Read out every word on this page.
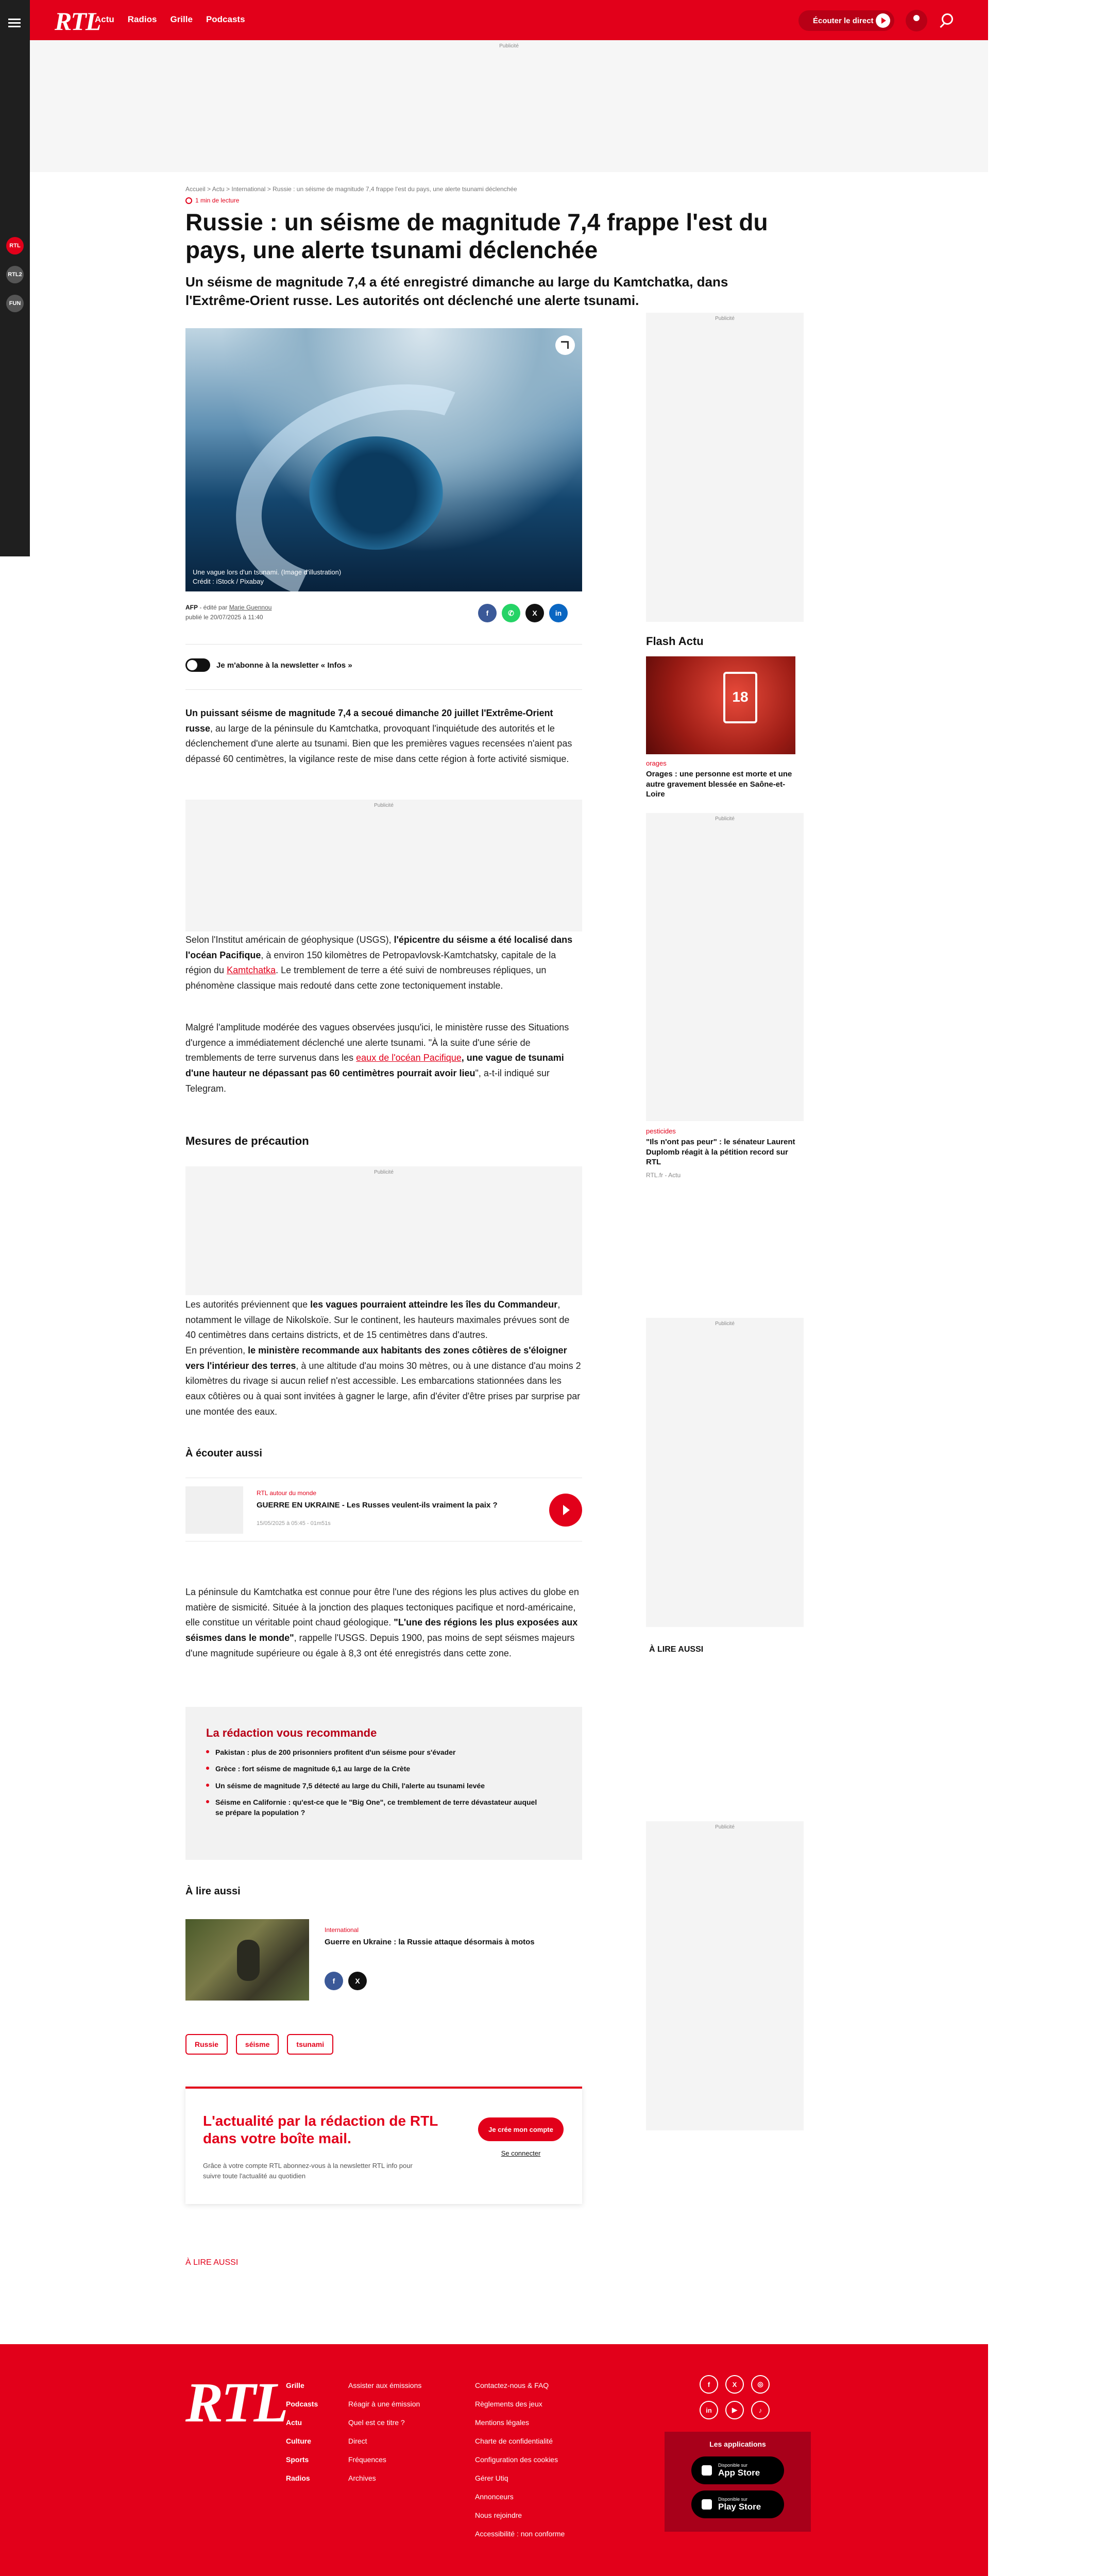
RTL
RTL2
FUN
RTL
Actu Radios Grille Podcasts	Écouter le direct
Publicité
Accueil > Actu > International > Russie : un séisme de magnitude 7,4 frappe l'est du pays, une alerte tsunami déclenchée
1 min de lecture
Russie : un séisme de magnitude 7,4 frappe l'est du pays, une alerte tsunami déclenchée

Un séisme de magnitude 7,4 a été enregistré dimanche au large du Kamtchatka, dans l'Extrême-Orient russe. Les autorités ont déclenché une alerte tsunami.

Une vague lors d'un tsunami. (Image d'illustration)
Crédit : iStock / Pixabay
AFP - édité par Marie Guennou
publié le 20/07/2025 à 11:40
f	✆	X	in
Je m'abonne à la newsletter « Infos »

Un puissant séisme de magnitude 7,4 a secoué dimanche 20 juillet l'Extrême-Orient russe, au large de la péninsule du Kamtchatka, provoquant l'inquiétude des autorités et le déclenchement d'une alerte au tsunami. Bien que les premières vagues recensées n'aient pas dépassé 60 centimètres, la vigilance reste de mise dans cette région à forte activité sismique.

Publicité

Selon l'Institut américain de géophysique (USGS), l'épicentre du séisme a été localisé dans l'océan Pacifique, à environ 150 kilomètres de Petropavlovsk-Kamtchatsky, capitale de la région du Kamtchatka. Le tremblement de terre a été suivi de nombreuses répliques, un phénomène classique mais redouté dans cette zone tectoniquement instable.

Malgré l'amplitude modérée des vagues observées jusqu'ici, le ministère russe des Situations d'urgence a immédiatement déclenché une alerte tsunami. "À la suite d'une série de tremblements de terre survenus dans les eaux de l'océan Pacifique, une vague de tsunami d'une hauteur ne dépassant pas 60 centimètres pourrait avoir lieu", a-t-il indiqué sur Telegram.

Mesures de précaution
Publicité

Les autorités préviennent que les vagues pourraient atteindre les îles du Commandeur, notamment le village de Nikolskoïe. Sur le continent, les hauteurs maximales prévues sont de 40 centimètres dans certains districts, et de 15 centimètres dans d'autres.
En prévention, le ministère recommande aux habitants des zones côtières de s'éloigner vers l'intérieur des terres, à une altitude d'au moins 30 mètres, ou à une distance d'au moins 2 kilomètres du rivage si aucun relief n'est accessible. Les embarcations stationnées dans les eaux côtières ou à quai sont invitées à gagner le large, afin d'éviter d'être prises par surprise par une montée des eaux.

À écouter aussi
RTL autour du monde
GUERRE EN UKRAINE - Les Russes veulent-ils vraiment la paix ?
15/05/2025 à 05:45 - 01m51s

La péninsule du Kamtchatka est connue pour être l'une des régions les plus actives du globe en matière de sismicité. Située à la jonction des plaques tectoniques pacifique et nord-américaine, elle constitue un véritable point chaud géologique. "L'une des régions les plus exposées aux séismes dans le monde", rappelle l'USGS. Depuis 1900, pas moins de sept séismes majeurs d'une magnitude supérieure ou égale à 8,3 ont été enregistrés dans cette zone.

La rédaction vous recommande
Pakistan : plus de 200 prisonniers profitent d'un séisme pour s'évader
Grèce : fort séisme de magnitude 6,1 au large de la Crète
Un séisme de magnitude 7,5 détecté au large du Chili, l'alerte au tsunami levée
Séisme en Californie : qu'est-ce que le "Big One", ce tremblement de terre dévastateur auquel se prépare la population ?
À lire aussi
International
Guerre en Ukraine : la Russie attaque désormais à motos
f	X
Russie	séisme	tsunami
L'actualité par la rédaction de RTL dans votre boîte mail.
Grâce à votre compte RTL abonnez-vous à la newsletter RTL info pour suivre toute l'actualité au quotidien
Je crée mon compte
Se connecter
À LIRE AUSSI
Publicité
Flash Actu
18
orages
Orages : une personne est morte et une autre gravement blessée en Saône-et-Loire
Publicité
pesticides
"Ils n'ont pas peur" : le sénateur Laurent Duplomb réagit à la pétition record sur RTL
RTL.fr - Actu
Publicité
À LIRE AUSSI
Publicité
RTL Grille
Podcasts
Actu
Culture
Sports
Radios
Assister aux émissions
Réagir à une émission
Quel est ce titre ?
Direct
Fréquences
Archives
Contactez-nous & FAQ
Règlements des jeux
Mentions légales
Charte de confidentialité
Configuration des cookies
Gérer Utiq
Annonceurs
Nous rejoindre
Accessibilité : non conforme
f	X	◎
in	▶	♪
Les applications
Disponible sur
App Store
Disponible sur
Play Store
